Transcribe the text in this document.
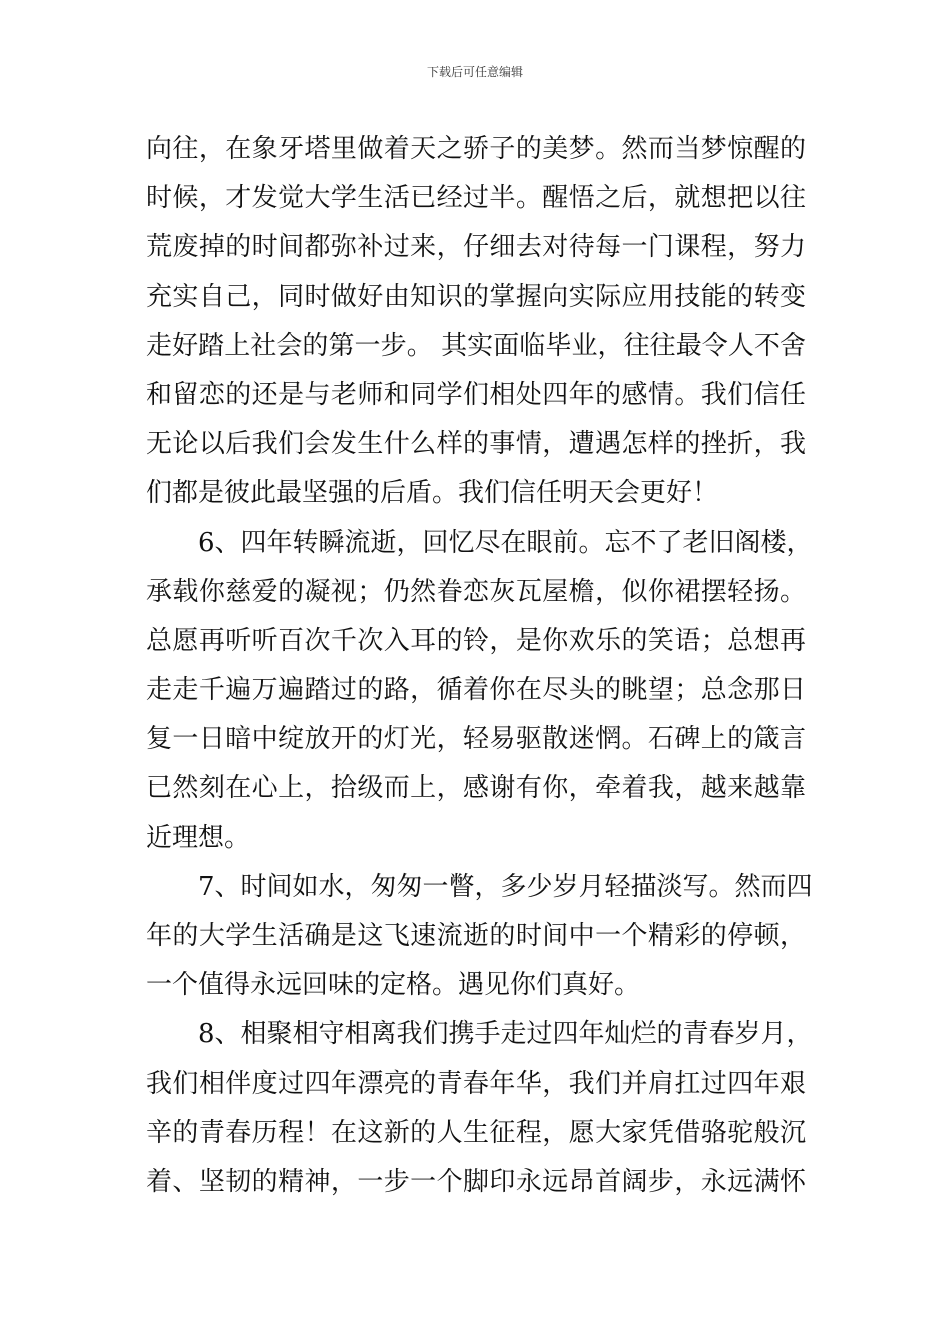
下载后可任意编辑
向往，在象牙塔里做着天之骄子的美梦。然而当梦惊醒的
时候，才发觉大学生活已经过半。醒悟之后，就想把以往
荒废掉的时间都弥补过来，仔细去对待每一门课程，努力
充实自己，同时做好由知识的掌握向实际应用技能的转变
走好踏上社会的第一步。 其实面临毕业，往往最令人不舍
和留恋的还是与老师和同学们相处四年的感情。我们信任
无论以后我们会发生什么样的事情，遭遇怎样的挫折，我
们都是彼此最坚强的后盾。我们信任明天会更好！
6、四年转瞬流逝，回忆尽在眼前。忘不了老旧阁楼，
承载你慈爱的凝视；仍然眷恋灰瓦屋檐，似你裙摆轻扬。
总愿再听听百次千次入耳的铃，是你欢乐的笑语；总想再
走走千遍万遍踏过的路，循着你在尽头的眺望；总念那日
复一日暗中绽放开的灯光，轻易驱散迷惘。石碑上的箴言
已然刻在心上，拾级而上，感谢有你，牵着我，越来越靠
近理想。
7、时间如水，匆匆一瞥，多少岁月轻描淡写。然而四
年的大学生活确是这飞速流逝的时间中一个精彩的停顿，
一个值得永远回味的定格。遇见你们真好。
8、相聚相守相离我们携手走过四年灿烂的青春岁月，
我们相伴度过四年漂亮的青春年华，我们并肩扛过四年艰
辛的青春历程！在这新的人生征程，愿大家凭借骆驼般沉
着、坚韧的精神，一步一个脚印永远昂首阔步，永远满怀
